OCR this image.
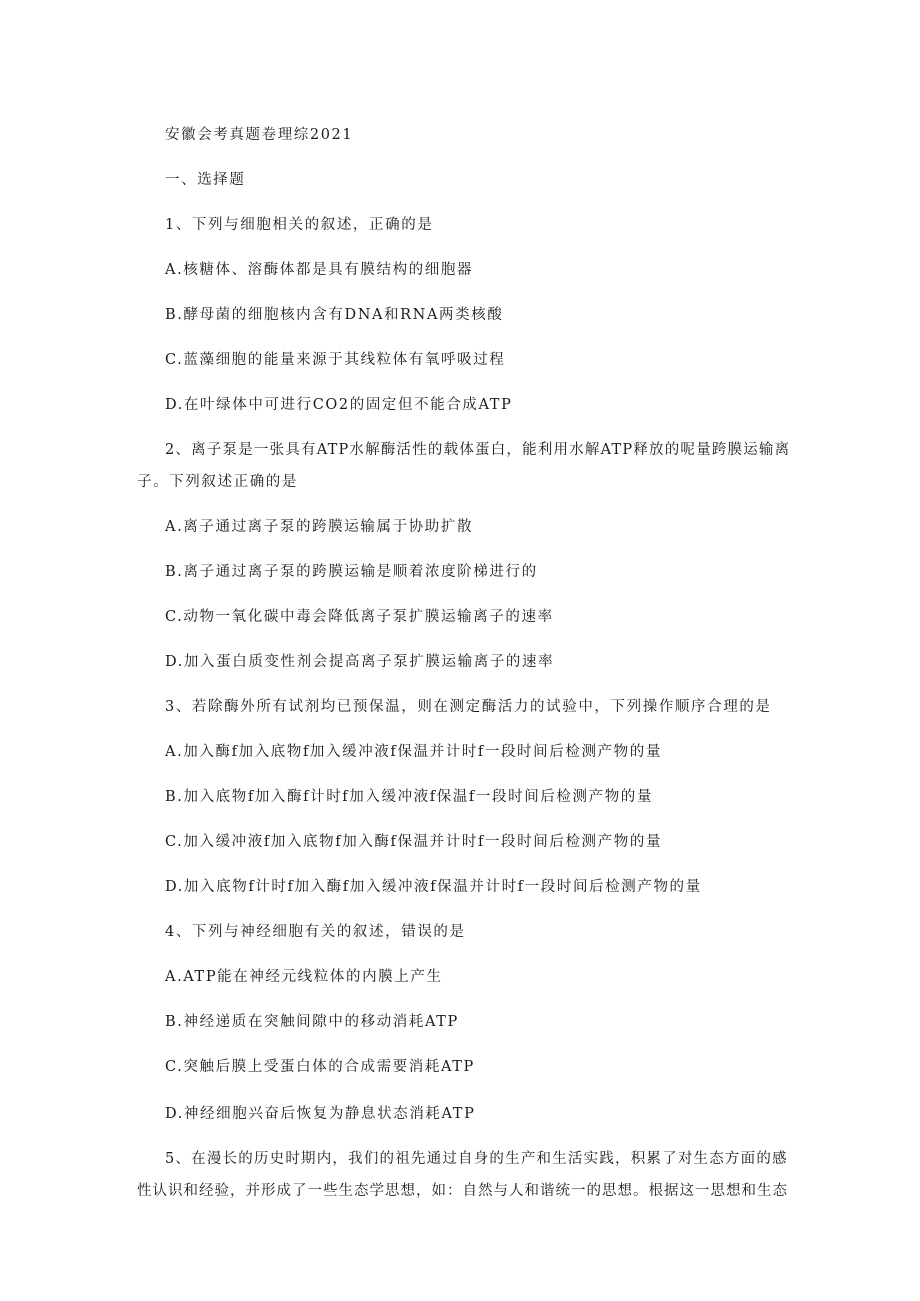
安徽会考真题卷理综2021
一、选择题
1、下列与细胞相关的叙述，正确的是
A.核糖体、溶酶体都是具有膜结构的细胞器
B.酵母菌的细胞核内含有DNA和RNA两类核酸
C.蓝藻细胞的能量来源于其线粒体有氧呼吸过程
D.在叶绿体中可进行CO2的固定但不能合成ATP
2、离子泵是一张具有ATP水解酶活性的载体蛋白，能利用水解ATP释放的呢量跨膜运输离
子。下列叙述正确的是
A.离子通过离子泵的跨膜运输属于协助扩散
B.离子通过离子泵的跨膜运输是顺着浓度阶梯进行的
C.动物一氧化碳中毒会降低离子泵扩膜运输离子的速率
D.加入蛋白质变性剂会提高离子泵扩膜运输离子的速率
3、若除酶外所有试剂均已预保温，则在测定酶活力的试验中，下列操作顺序合理的是
A.加入酶f加入底物f加入缓冲液f保温并计时f一段时间后检测产物的量
B.加入底物f加入酶f计时f加入缓冲液f保温f一段时间后检测产物的量
C.加入缓冲液f加入底物f加入酶f保温并计时f一段时间后检测产物的量
D.加入底物f计时f加入酶f加入缓冲液f保温并计时f一段时间后检测产物的量
4、下列与神经细胞有关的叙述，错误的是
A.ATP能在神经元线粒体的内膜上产生
B.神经递质在突触间隙中的移动消耗ATP
C.突触后膜上受蛋白体的合成需要消耗ATP
D.神经细胞兴奋后恢复为静息状态消耗ATP
5、在漫长的历史时期内，我们的祖先通过自身的生产和生活实践，积累了对生态方面的感
性认识和经验，并形成了一些生态学思想，如：自然与人和谐统一的思想。根据这一思想和生态
